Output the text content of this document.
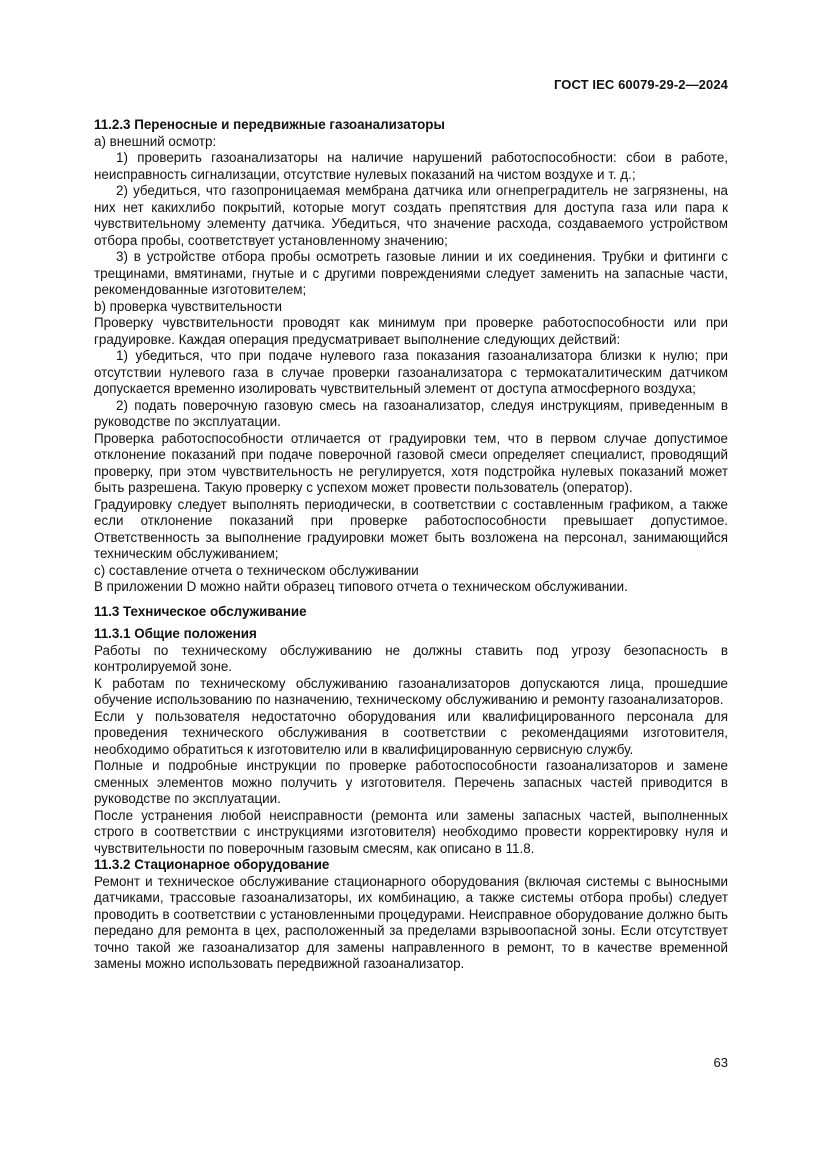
ГОСТ IEC 60079-29-2—2024

11.2.3 Переносные и передвижные газоанализаторы

а) внешний осмотр:

1) проверить газоанализаторы на наличие нарушений работоспособности: сбои в работе, неисправность сигнализации, отсутствие нулевых показаний на чистом воздухе и т. д.;

2) убедиться, что газопроницаемая мембрана датчика или огнепреградитель не загрязнены, на них нет какихлибо покрытий, которые могут создать препятствия для доступа газа или пара к чувствительному элементу датчика. Убедиться, что значение расхода, создаваемого устройством отбора пробы, соответствует установленному значению;

3) в устройстве отбора пробы осмотреть газовые линии и их соединения. Трубки и фитинги с трещинами, вмятинами, гнутые и с другими повреждениями следует заменить на запасные части, рекомендованные изготовителем;

b) проверка чувствительности

Проверку чувствительности проводят как минимум при проверке работоспособности или при градуировке. Каждая операция предусматривает выполнение следующих действий:

1) убедиться, что при подаче нулевого газа показания газоанализатора близки к нулю; при отсутствии нулевого газа в случае проверки газоанализатора с термокаталитическим датчиком допускается временно изолировать чувствительный элемент от доступа атмосферного воздуха;

2) подать поверочную газовую смесь на газоанализатор, следуя инструкциям, приведенным в руководстве по эксплуатации.

Проверка работоспособности отличается от градуировки тем, что в первом случае допустимое отклонение показаний при подаче поверочной газовой смеси определяет специалист, проводящий проверку, при этом чувствительность не регулируется, хотя подстройка нулевых показаний может быть разрешена. Такую проверку с успехом может провести пользователь (оператор).

Градуировку следует выполнять периодически, в соответствии с составленным графиком, а также если отклонение показаний при проверке работоспособности превышает допустимое. Ответственность за выполнение градуировки может быть возложена на персонал, занимающийся техническим обслуживанием;

с) составление отчета о техническом обслуживании

В приложении D можно найти образец типового отчета о техническом обслуживании.

11.3 Техническое обслуживание

11.3.1 Общие положения

Работы по техническому обслуживанию не должны ставить под угрозу безопасность в контролируемой зоне.

К работам по техническому обслуживанию газоанализаторов допускаются лица, прошедшие обучение использованию по назначению, техническому обслуживанию и ремонту газоанализаторов.

Если у пользователя недостаточно оборудования или квалифицированного персонала для проведения технического обслуживания в соответствии с рекомендациями изготовителя, необходимо обратиться к изготовителю или в квалифицированную сервисную службу.

Полные и подробные инструкции по проверке работоспособности газоанализаторов и замене сменных элементов можно получить у изготовителя. Перечень запасных частей приводится в руководстве по эксплуатации.

После устранения любой неисправности (ремонта или замены запасных частей, выполненных строго в соответствии с инструкциями изготовителя) необходимо провести корректировку нуля и чувствительности по поверочным газовым смесям, как описано в 11.8.

11.3.2 Стационарное оборудование

Ремонт и техническое обслуживание стационарного оборудования (включая системы с выносными датчиками, трассовые газоанализаторы, их комбинацию, а также системы отбора пробы) следует проводить в соответствии с установленными процедурами. Неисправное оборудование должно быть передано для ремонта в цех, расположенный за пределами взрывоопасной зоны. Если отсутствует точно такой же газоанализатор для замены направленного в ремонт, то в качестве временной замены можно использовать передвижной газоанализатор.

63
